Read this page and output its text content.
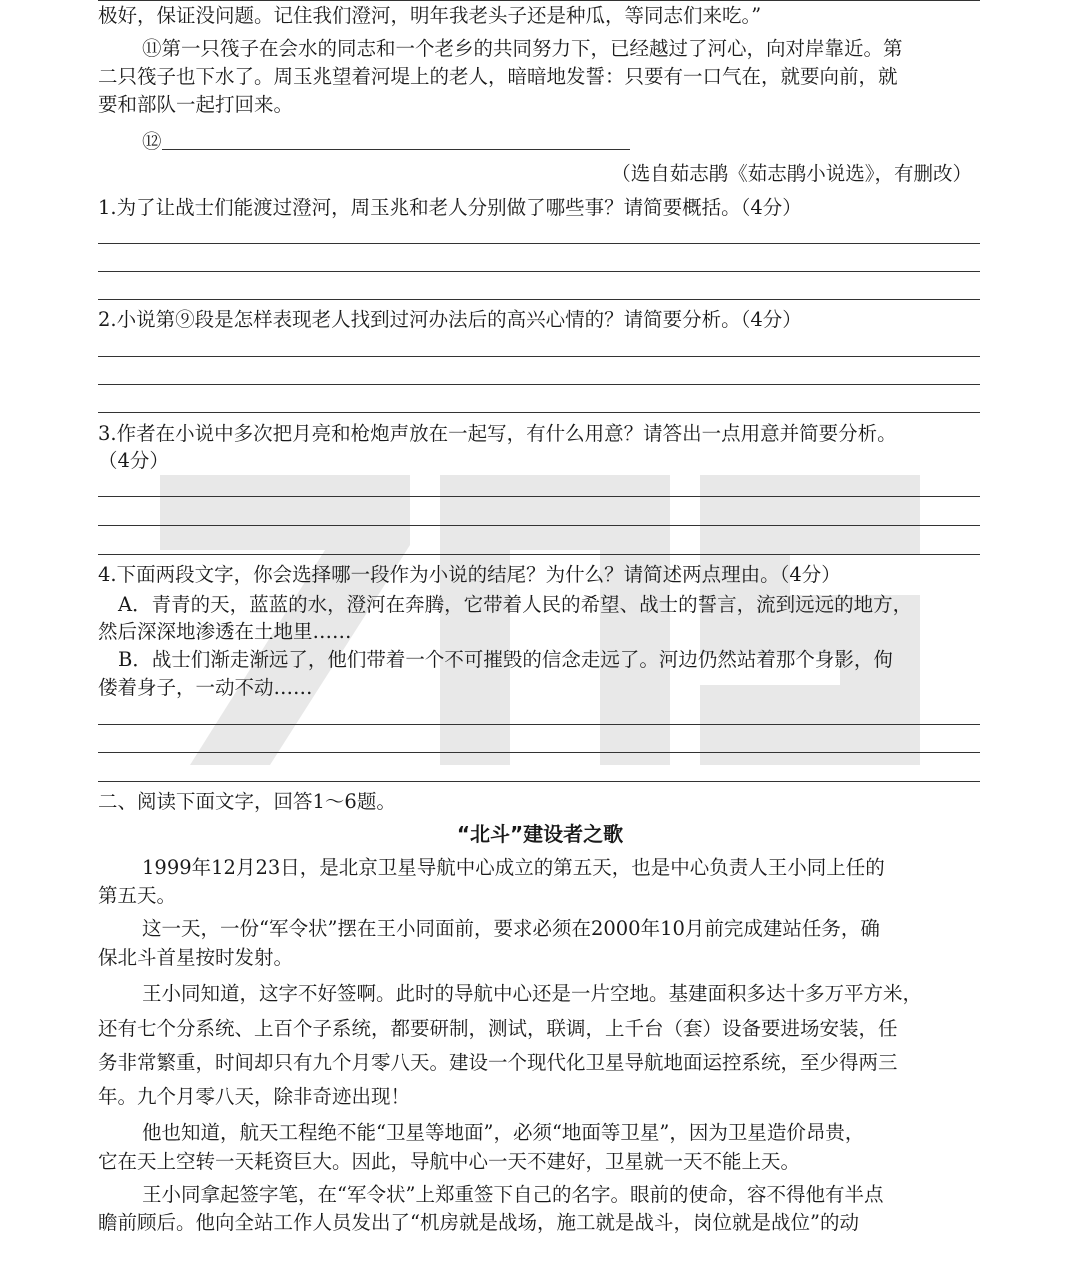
极好，保证没问题。记住我们澄河，明年我老头子还是种瓜，等同志们来吃。”
⑪第一只筏子在会水的同志和一个老乡的共同努力下，已经越过了河心，向对岸靠近。第
二只筏子也下水了。周玉兆望着河堤上的老人，暗暗地发誓：只要有一口气在，就要向前，就
要和部队一起打回来。
⑫
（选自茹志鹃《茹志鹃小说选》，有删改）
1.为了让战士们能渡过澄河，周玉兆和老人分别做了哪些事？请简要概括。（4分）
2.小说第⑨段是怎样表现老人找到过河办法后的高兴心情的？请简要分析。（4分）
3.作者在小说中多次把月亮和枪炮声放在一起写，有什么用意？请答出一点用意并简要分析。
（4分）
4.下面两段文字，你会选择哪一段作为小说的结尾？为什么？请简述两点理由。（4分）
A．青青的天，蓝蓝的水，澄河在奔腾，它带着人民的希望、战士的誓言，流到远远的地方，
然后深深地渗透在土地里……
B．战士们渐走渐远了，他们带着一个不可摧毁的信念走远了。河边仍然站着那个身影，佝
偻着身子，一动不动……
二、阅读下面文字，回答1～6题。
“北斗”建设者之歌
1999年12月23日，是北京卫星导航中心成立的第五天，也是中心负责人王小同上任的
第五天。
这一天，一份“军令状”摆在王小同面前，要求必须在2000年10月前完成建站任务，确
保北斗首星按时发射。
王小同知道，这字不好签啊。此时的导航中心还是一片空地。基建面积多达十多万平方米，
还有七个分系统、上百个子系统，都要研制，测试，联调，上千台（套）设备要进场安装，任
务非常繁重，时间却只有九个月零八天。建设一个现代化卫星导航地面运控系统，至少得两三
年。九个月零八天，除非奇迹出现！
他也知道，航天工程绝不能“卫星等地面”，必须“地面等卫星”，因为卫星造价昂贵，
它在天上空转一天耗资巨大。因此，导航中心一天不建好，卫星就一天不能上天。
王小同拿起签字笔，在“军令状”上郑重签下自己的名字。眼前的使命，容不得他有半点
瞻前顾后。他向全站工作人员发出了“机房就是战场，施工就是战斗，岗位就是战位”的动
